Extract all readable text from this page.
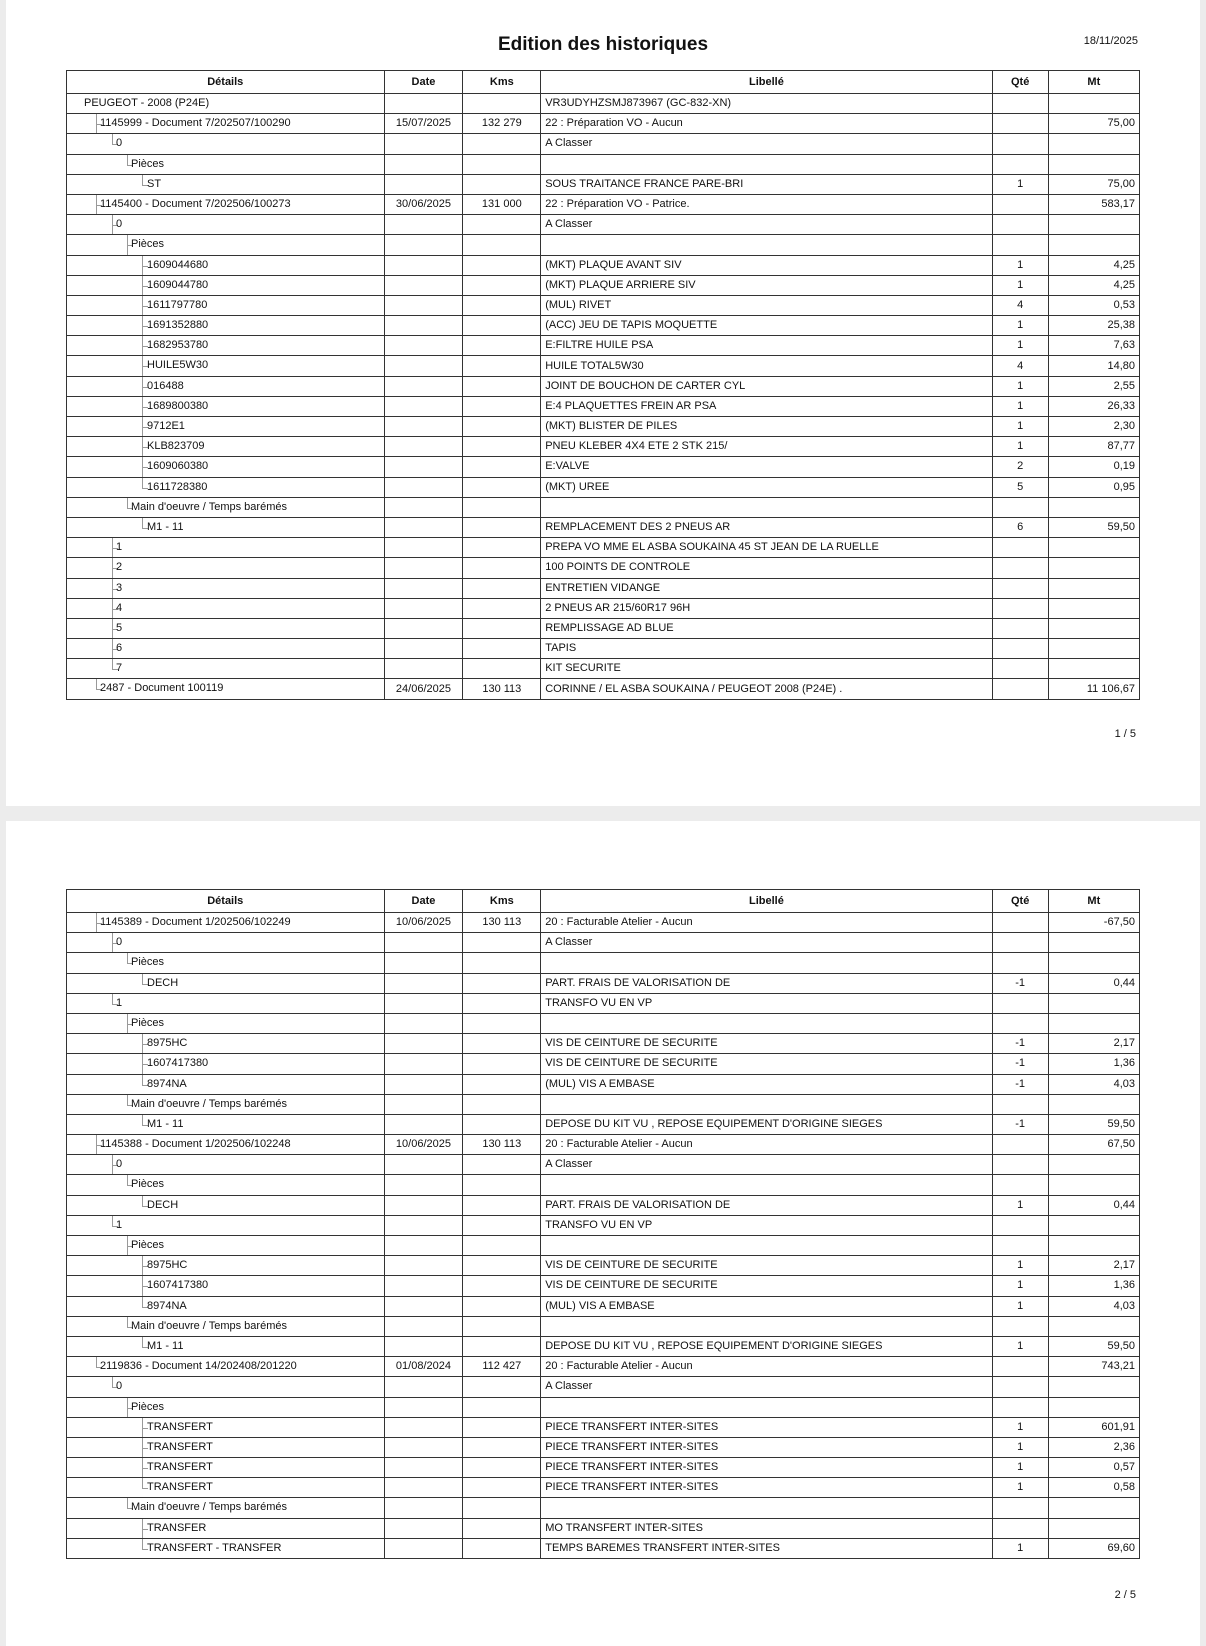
Edition des historiques	18/11/2025
Détails	Date	Kms	Libellé	Qté	Mt

PEUGEOT - 2008 (P24E)			VR3UDYHZSMJ873967 (GC-832-XN)		

1145999 - Document 7/202507/100290	15/07/2025	132 279	22 : Préparation VO - Aucun		75,00

0			A Classer		

Pièces					

ST			SOUS TRAITANCE FRANCE PARE-BRI	1	75,00

1145400 - Document 7/202506/100273	30/06/2025	131 000	22 : Préparation VO - Patrice.		583,17

0			A Classer		

Pièces					

1609044680			(MKT) PLAQUE AVANT SIV	1	4,25

1609044780			(MKT) PLAQUE ARRIERE SIV	1	4,25

1611797780			(MUL) RIVET	4	0,53

1691352880			(ACC) JEU DE TAPIS MOQUETTE	1	25,38

1682953780			E:FILTRE HUILE PSA	1	7,63

HUILE5W30			HUILE TOTAL5W30	4	14,80

016488			JOINT DE BOUCHON DE CARTER CYL	1	2,55

1689800380			E:4 PLAQUETTES FREIN AR PSA	1	26,33

9712E1			(MKT) BLISTER DE PILES	1	2,30

KLB823709			PNEU KLEBER 4X4 ETE 2 STK 215/	1	87,77

1609060380			E:VALVE	2	0,19

1611728380			(MKT) UREE	5	0,95

Main d'oeuvre / Temps barémés					

M1 - 11			REMPLACEMENT DES 2 PNEUS AR	6	59,50

1			PREPA VO MME EL ASBA SOUKAINA 45 ST JEAN DE LA RUELLE		

2			100 POINTS DE CONTROLE		

3			ENTRETIEN VIDANGE		

4			2 PNEUS AR 215/60R17 96H		

5			REMPLISSAGE AD BLUE		

6			TAPIS		

7			KIT SECURITE		

2487 - Document 100119	24/06/2025	130 113	CORINNE / EL ASBA SOUKAINA / PEUGEOT 2008 (P24E) .		11 106,67
1 / 5
Détails	Date	Kms	Libellé	Qté	Mt

1145389 - Document 1/202506/102249	10/06/2025	130 113	20 : Facturable Atelier - Aucun		-67,50

0			A Classer		

Pièces					

DECH			PART. FRAIS DE VALORISATION DE	-1	0,44

1			TRANSFO VU EN VP		

Pièces					

8975HC			VIS DE CEINTURE DE SECURITE	-1	2,17

1607417380			VIS DE CEINTURE DE SECURITE	-1	1,36

8974NA			(MUL) VIS A EMBASE	-1	4,03

Main d'oeuvre / Temps barémés					

M1 - 11			DEPOSE DU KIT VU , REPOSE EQUIPEMENT D'ORIGINE SIEGES	-1	59,50

1145388 - Document 1/202506/102248	10/06/2025	130 113	20 : Facturable Atelier - Aucun		67,50

0			A Classer		

Pièces					

DECH			PART. FRAIS DE VALORISATION DE	1	0,44

1			TRANSFO VU EN VP		

Pièces					

8975HC			VIS DE CEINTURE DE SECURITE	1	2,17

1607417380			VIS DE CEINTURE DE SECURITE	1	1,36

8974NA			(MUL) VIS A EMBASE	1	4,03

Main d'oeuvre / Temps barémés					

M1 - 11			DEPOSE DU KIT VU , REPOSE EQUIPEMENT D'ORIGINE SIEGES	1	59,50

2119836 - Document 14/202408/201220	01/08/2024	112 427	20 : Facturable Atelier - Aucun		743,21

0			A Classer		

Pièces					

TRANSFERT			PIECE TRANSFERT INTER-SITES	1	601,91

TRANSFERT			PIECE TRANSFERT INTER-SITES	1	2,36

TRANSFERT			PIECE TRANSFERT INTER-SITES	1	0,57

TRANSFERT			PIECE TRANSFERT INTER-SITES	1	0,58

Main d'oeuvre / Temps barémés					

TRANSFER			MO TRANSFERT INTER-SITES		

TRANSFERT - TRANSFER			TEMPS BAREMES TRANSFERT INTER-SITES	1	69,60
2 / 5
